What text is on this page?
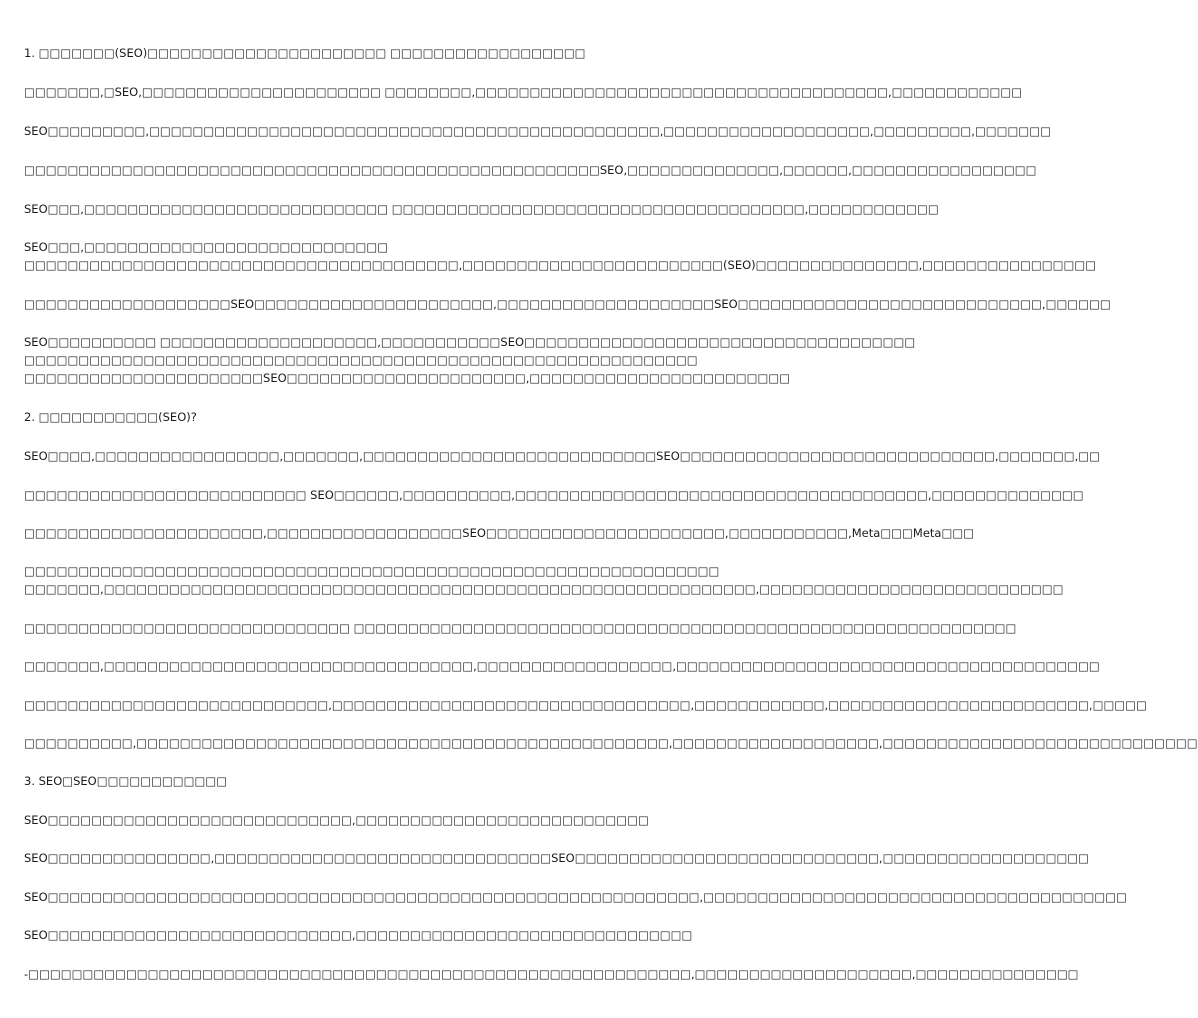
1. □□□□□□□(SEO)□□□□□□□□□□□□□□□□□□□□□□ □□□□□□□□□□□□□□□□□□
□□□□□□□,□SEO,□□□□□□□□□□□□□□□□□□□□□□ □□□□□□□□,□□□□□□□□□□□□□□□□□□□□□□□□□□□□□□□□□□□□□□,□□□□□□□□□□□□
SEO□□□□□□□□□,□□□□□□□□□□□□□□□□□□□□□□□□□□□□□□□□□□□□□□□□□□□□□□□,□□□□□□□□□□□□□□□□□□□,□□□□□□□□□,□□□□□□□
□□□□□□□□□□□□□□□□□□□□□□□□□□□□□□□□□□□□□□□□□□□□□□□□□□□□□SEO,□□□□□□□□□□□□□□,□□□□□□,□□□□□□□□□□□□□□□□□
SEO□□□,□□□□□□□□□□□□□□□□□□□□□□□□□□□□ □□□□□□□□□□□□□□□□□□□□□□□□□□□□□□□□□□□□□□,□□□□□□□□□□□□
SEO□□□,□□□□□□□□□□□□□□□□□□□□□□□□□□□□
□□□□□□□□□□□□□□□□□□□□□□□□□□□□□□□□□□□□□□□□,□□□□□□□□□□□□□□□□□□□□□□□□(SEO)□□□□□□□□□□□□□□□,□□□□□□□□□□□□□□□□
□□□□□□□□□□□□□□□□□□□SEO□□□□□□□□□□□□□□□□□□□□□□,□□□□□□□□□□□□□□□□□□□□SEO□□□□□□□□□□□□□□□□□□□□□□□□□□□□,□□□□□□
SEO□□□□□□□□□□ □□□□□□□□□□□□□□□□□□□□,□□□□□□□□□□□SEO□□□□□□□□□□□□□□□□□□□□□□□□□□□□□□□□□□□□
□□□□□□□□□□□□□□□□□□□□□□□□□□□□□□□□□□□□□□□□□□□□□□□□□□□□□□□□□□□□□□
□□□□□□□□□□□□□□□□□□□□□□SEO□□□□□□□□□□□□□□□□□□□□□□,□□□□□□□□□□□□□□□□□□□□□□□□
2. □□□□□□□□□□□(SEO)?
SEO□□□□,□□□□□□□□□□□□□□□□□,□□□□□□□,□□□□□□□□□□□□□□□□□□□□□□□□□□□SEO□□□□□□□□□□□□□□□□□□□□□□□□□□□□□,□□□□□□□,□□
□□□□□□□□□□□□□□□□□□□□□□□□□□ SEO□□□□□□,□□□□□□□□□□,□□□□□□□□□□□□□□□□□□□□□□□□□□□□□□□□□□□□□□,□□□□□□□□□□□□□□
□□□□□□□□□□□□□□□□□□□□□□,□□□□□□□□□□□□□□□□□□SEO□□□□□□□□□□□□□□□□□□□□□□,□□□□□□□□□□□,Meta□□□Meta□□□
□□□□□□□□□□□□□□□□□□□□□□□□□□□□□□□□□□□□□□□□□□□□□□□□□□□□□□□□□□□□□□□□
□□□□□□□,□□□□□□□□□□□□□□□□□□□□□□□□□□□□□□□□□□□□□□□□□□□□□□□□□□□□□□□□□□□□,□□□□□□□□□□□□□□□□□□□□□□□□□□□□
□□□□□□□□□□□□□□□□□□□□□□□□□□□□□□ □□□□□□□□□□□□□□□□□□□□□□□□□□□□□□□□□□□□□□□□□□□□□□□□□□□□□□□□□□□□□
□□□□□□□,□□□□□□□□□□□□□□□□□□□□□□□□□□□□□□□□□□,□□□□□□□□□□□□□□□□□□,□□□□□□□□□□□□□□□□□□□□□□□□□□□□□□□□□□□□□□□
□□□□□□□□□□□□□□□□□□□□□□□□□□□□,□□□□□□□□□□□□□□□□□□□□□□□□□□□□□□□□□,□□□□□□□□□□□□,□□□□□□□□□□□□□□□□□□□□□□□□,□□□□□
□□□□□□□□□□,□□□□□□□□□□□□□□□□□□□□□□□□□□□□□□□□□□□□□□□□□□□□□□□□□,□□□□□□□□□□□□□□□□□□□,□□□□□□□□□□□□□□□□□□□□□□□□□□□□□
3. SEO□SEO□□□□□□□□□□□□
SEO□□□□□□□□□□□□□□□□□□□□□□□□□□□□,□□□□□□□□□□□□□□□□□□□□□□□□□□□
SEO□□□□□□□□□□□□□□□,□□□□□□□□□□□□□□□□□□□□□□□□□□□□□□□SEO□□□□□□□□□□□□□□□□□□□□□□□□□□□□,□□□□□□□□□□□□□□□□□□□
SEO□□□□□□□□□□□□□□□□□□□□□□□□□□□□□□□□□□□□□□□□□□□□□□□□□□□□□□□□□□□□,□□□□□□□□□□□□□□□□□□□□□□□□□□□□□□□□□□□□□□□
SEO□□□□□□□□□□□□□□□□□□□□□□□□□□□□,□□□□□□□□□□□□□□□□□□□□□□□□□□□□□□□
-□□□□□□□□□□□□□□□□□□□□□□□□□□□□□□□□□□□□□□□□□□□□□□□□□□□□□□□□□□□□□,□□□□□□□□□□□□□□□□□□□□,□□□□□□□□□□□□□□□
